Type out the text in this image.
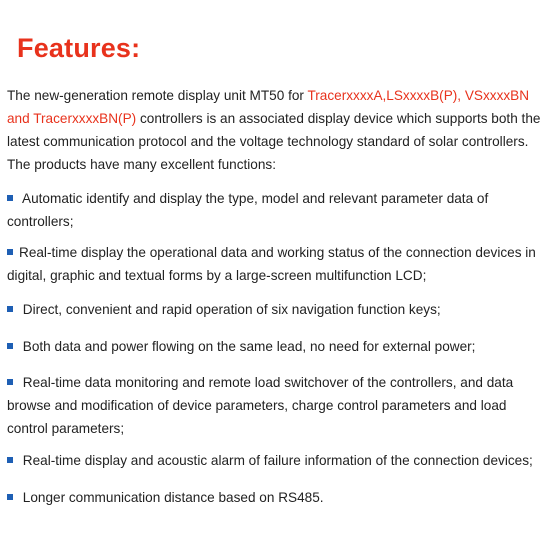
Features:

The new-generation remote display unit MT50 for TracerxxxxA,LSxxxxB(P), VSxxxxBN and TracerxxxxBN(P) controllers is an associated display device which supports both the latest communication protocol and the voltage technology standard of solar controllers. The products have many excellent functions:

Automatic identify and display the type, model and relevant parameter data of controllers;

Real-time display the operational data and working status of the connection devices in digital, graphic and textual forms by a large-screen multifunction LCD;

Direct, convenient and rapid operation of six navigation function keys;

Both data and power flowing on the same lead, no need for external power;

Real-time data monitoring and remote load switchover of the controllers, and data browse and modification of device parameters, charge control parameters and load control parameters;

Real-time display and acoustic alarm of failure information of the connection devices;

Longer communication distance based on RS485.
